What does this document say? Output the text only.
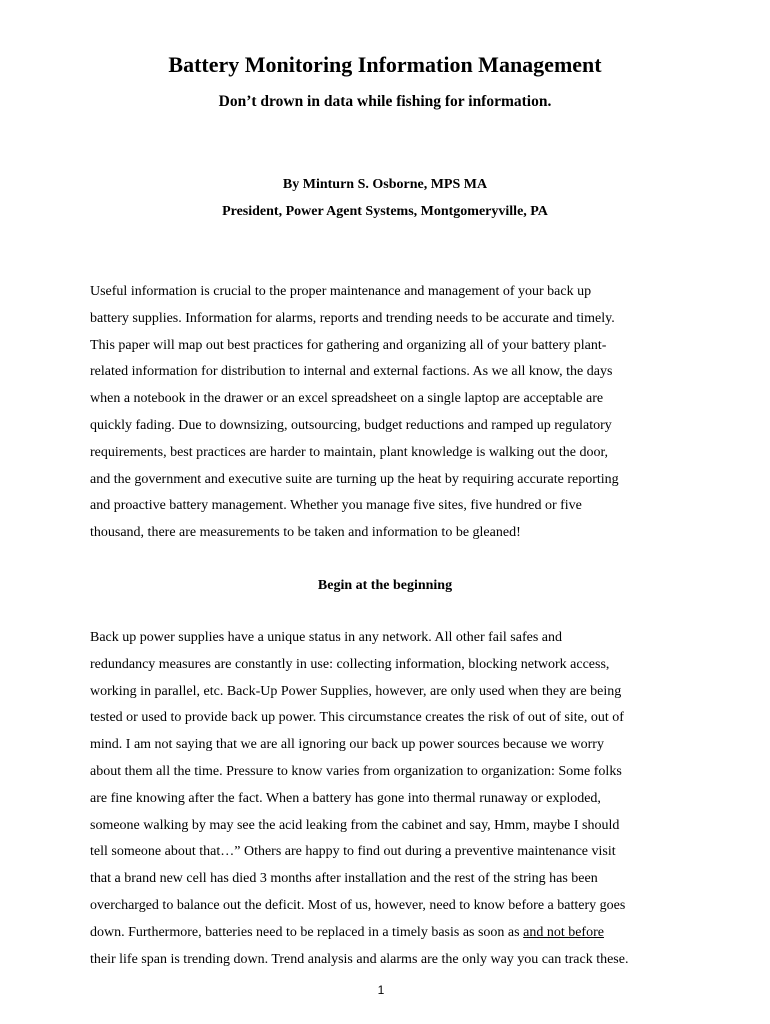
Battery Monitoring Information Management
Don’t drown in data while fishing for information.
By Minturn S. Osborne, MPS MA
President, Power Agent Systems, Montgomeryville, PA
Useful information is crucial to the proper maintenance and management of your back up
battery supplies. Information for alarms, reports and trending needs to be accurate and timely.
This paper will map out best practices for gathering and organizing all of your battery plant-
related information for distribution to internal and external factions. As we all know, the days
when a notebook in the drawer or an excel spreadsheet on a single laptop are acceptable are
quickly fading. Due to downsizing, outsourcing, budget reductions and ramped up regulatory
requirements, best practices are harder to maintain, plant knowledge is walking out the door,
and the government and executive suite are turning up the heat by requiring accurate reporting
and proactive battery management. Whether you manage five sites, five hundred or five
thousand, there are measurements to be taken and information to be gleaned!
Begin at the beginning
Back up power supplies have a unique status in any network. All other fail safes and
redundancy measures are constantly in use: collecting information, blocking network access,
working in parallel, etc. Back-Up Power Supplies, however, are only used when they are being
tested or used to provide back up power. This circumstance creates the risk of out of site, out of
mind. I am not saying that we are all ignoring our back up power sources because we worry
about them all the time. Pressure to know varies from organization to organization: Some folks
are fine knowing after the fact. When a battery has gone into thermal runaway or exploded,
someone walking by may see the acid leaking from the cabinet and say, Hmm, maybe I should
tell someone about that…” Others are happy to find out during a preventive maintenance visit
that a brand new cell has died 3 months after installation and the rest of the string has been
overcharged to balance out the deficit. Most of us, however, need to know before a battery goes
down. Furthermore, batteries need to be replaced in a timely basis as soon as and not before
their life span is trending down. Trend analysis and alarms are the only way you can track these.
1
